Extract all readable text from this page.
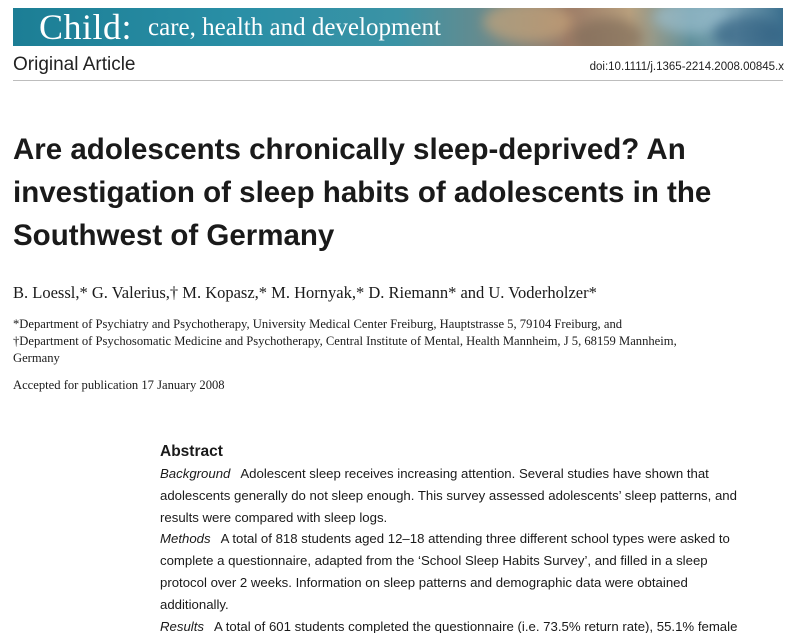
Child: care, health and development
Original Article	doi:10.1111/j.1365-2214.2008.00845.x
Are adolescents chronically sleep-deprived? An investigation of sleep habits of adolescents in the Southwest of Germany
B. Loessl,* G. Valerius,† M. Kopasz,* M. Hornyak,* D. Riemann* and U. Voderholzer*
*Department of Psychiatry and Psychotherapy, University Medical Center Freiburg, Hauptstrasse 5, 79104 Freiburg, and
†Department of Psychosomatic Medicine and Psychotherapy, Central Institute of Mental, Health Mannheim, J 5, 68159 Mannheim,
Germany
Accepted for publication 17 January 2008
Abstract
Background Adolescent sleep receives increasing attention. Several studies have shown that
adolescents generally do not sleep enough. This survey assessed adolescents’ sleep patterns, and
results were compared with sleep logs.
Methods A total of 818 students aged 12–18 attending three different school types were asked to
complete a questionnaire, adapted from the ‘School Sleep Habits Survey’, and filled in a sleep
protocol over 2 weeks. Information on sleep patterns and demographic data were obtained
additionally.
Results A total of 601 students completed the questionnaire (i.e. 73.5% return rate), 55.1% female
